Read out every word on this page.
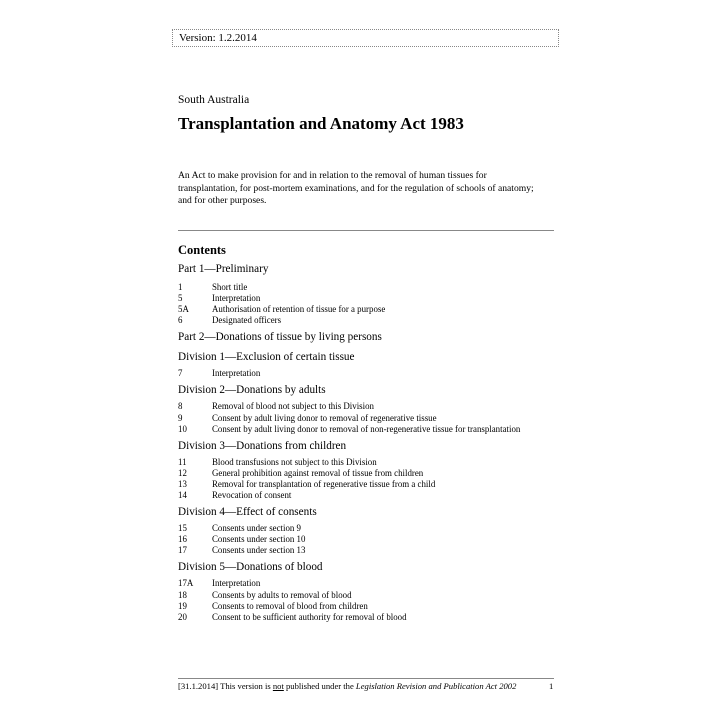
Version: 1.2.2014
South Australia
Transplantation and Anatomy Act 1983
An Act to make provision for and in relation to the removal of human tissues for transplantation, for post-mortem examinations, and for the regulation of schools of anatomy; and for other purposes.
Contents
Part 1—Preliminary
1	Short title
5	Interpretation
5A	Authorisation of retention of tissue for a purpose
6	Designated officers
Part 2—Donations of tissue by living persons
Division 1—Exclusion of certain tissue
7	Interpretation
Division 2—Donations by adults
8	Removal of blood not subject to this Division
9	Consent by adult living donor to removal of regenerative tissue
10	Consent by adult living donor to removal of non-regenerative tissue for transplantation
Division 3—Donations from children
11	Blood transfusions not subject to this Division
12	General prohibition against removal of tissue from children
13	Removal for transplantation of regenerative tissue from a child
14	Revocation of consent
Division 4—Effect of consents
15	Consents under section 9
16	Consents under section 10
17	Consents under section 13
Division 5—Donations of blood
17A	Interpretation
18	Consents by adults to removal of blood
19	Consents to removal of blood from children
20	Consent to be sufficient authority for removal of blood
[31.1.2014] This version is not published under the Legislation Revision and Publication Act 2002	1
